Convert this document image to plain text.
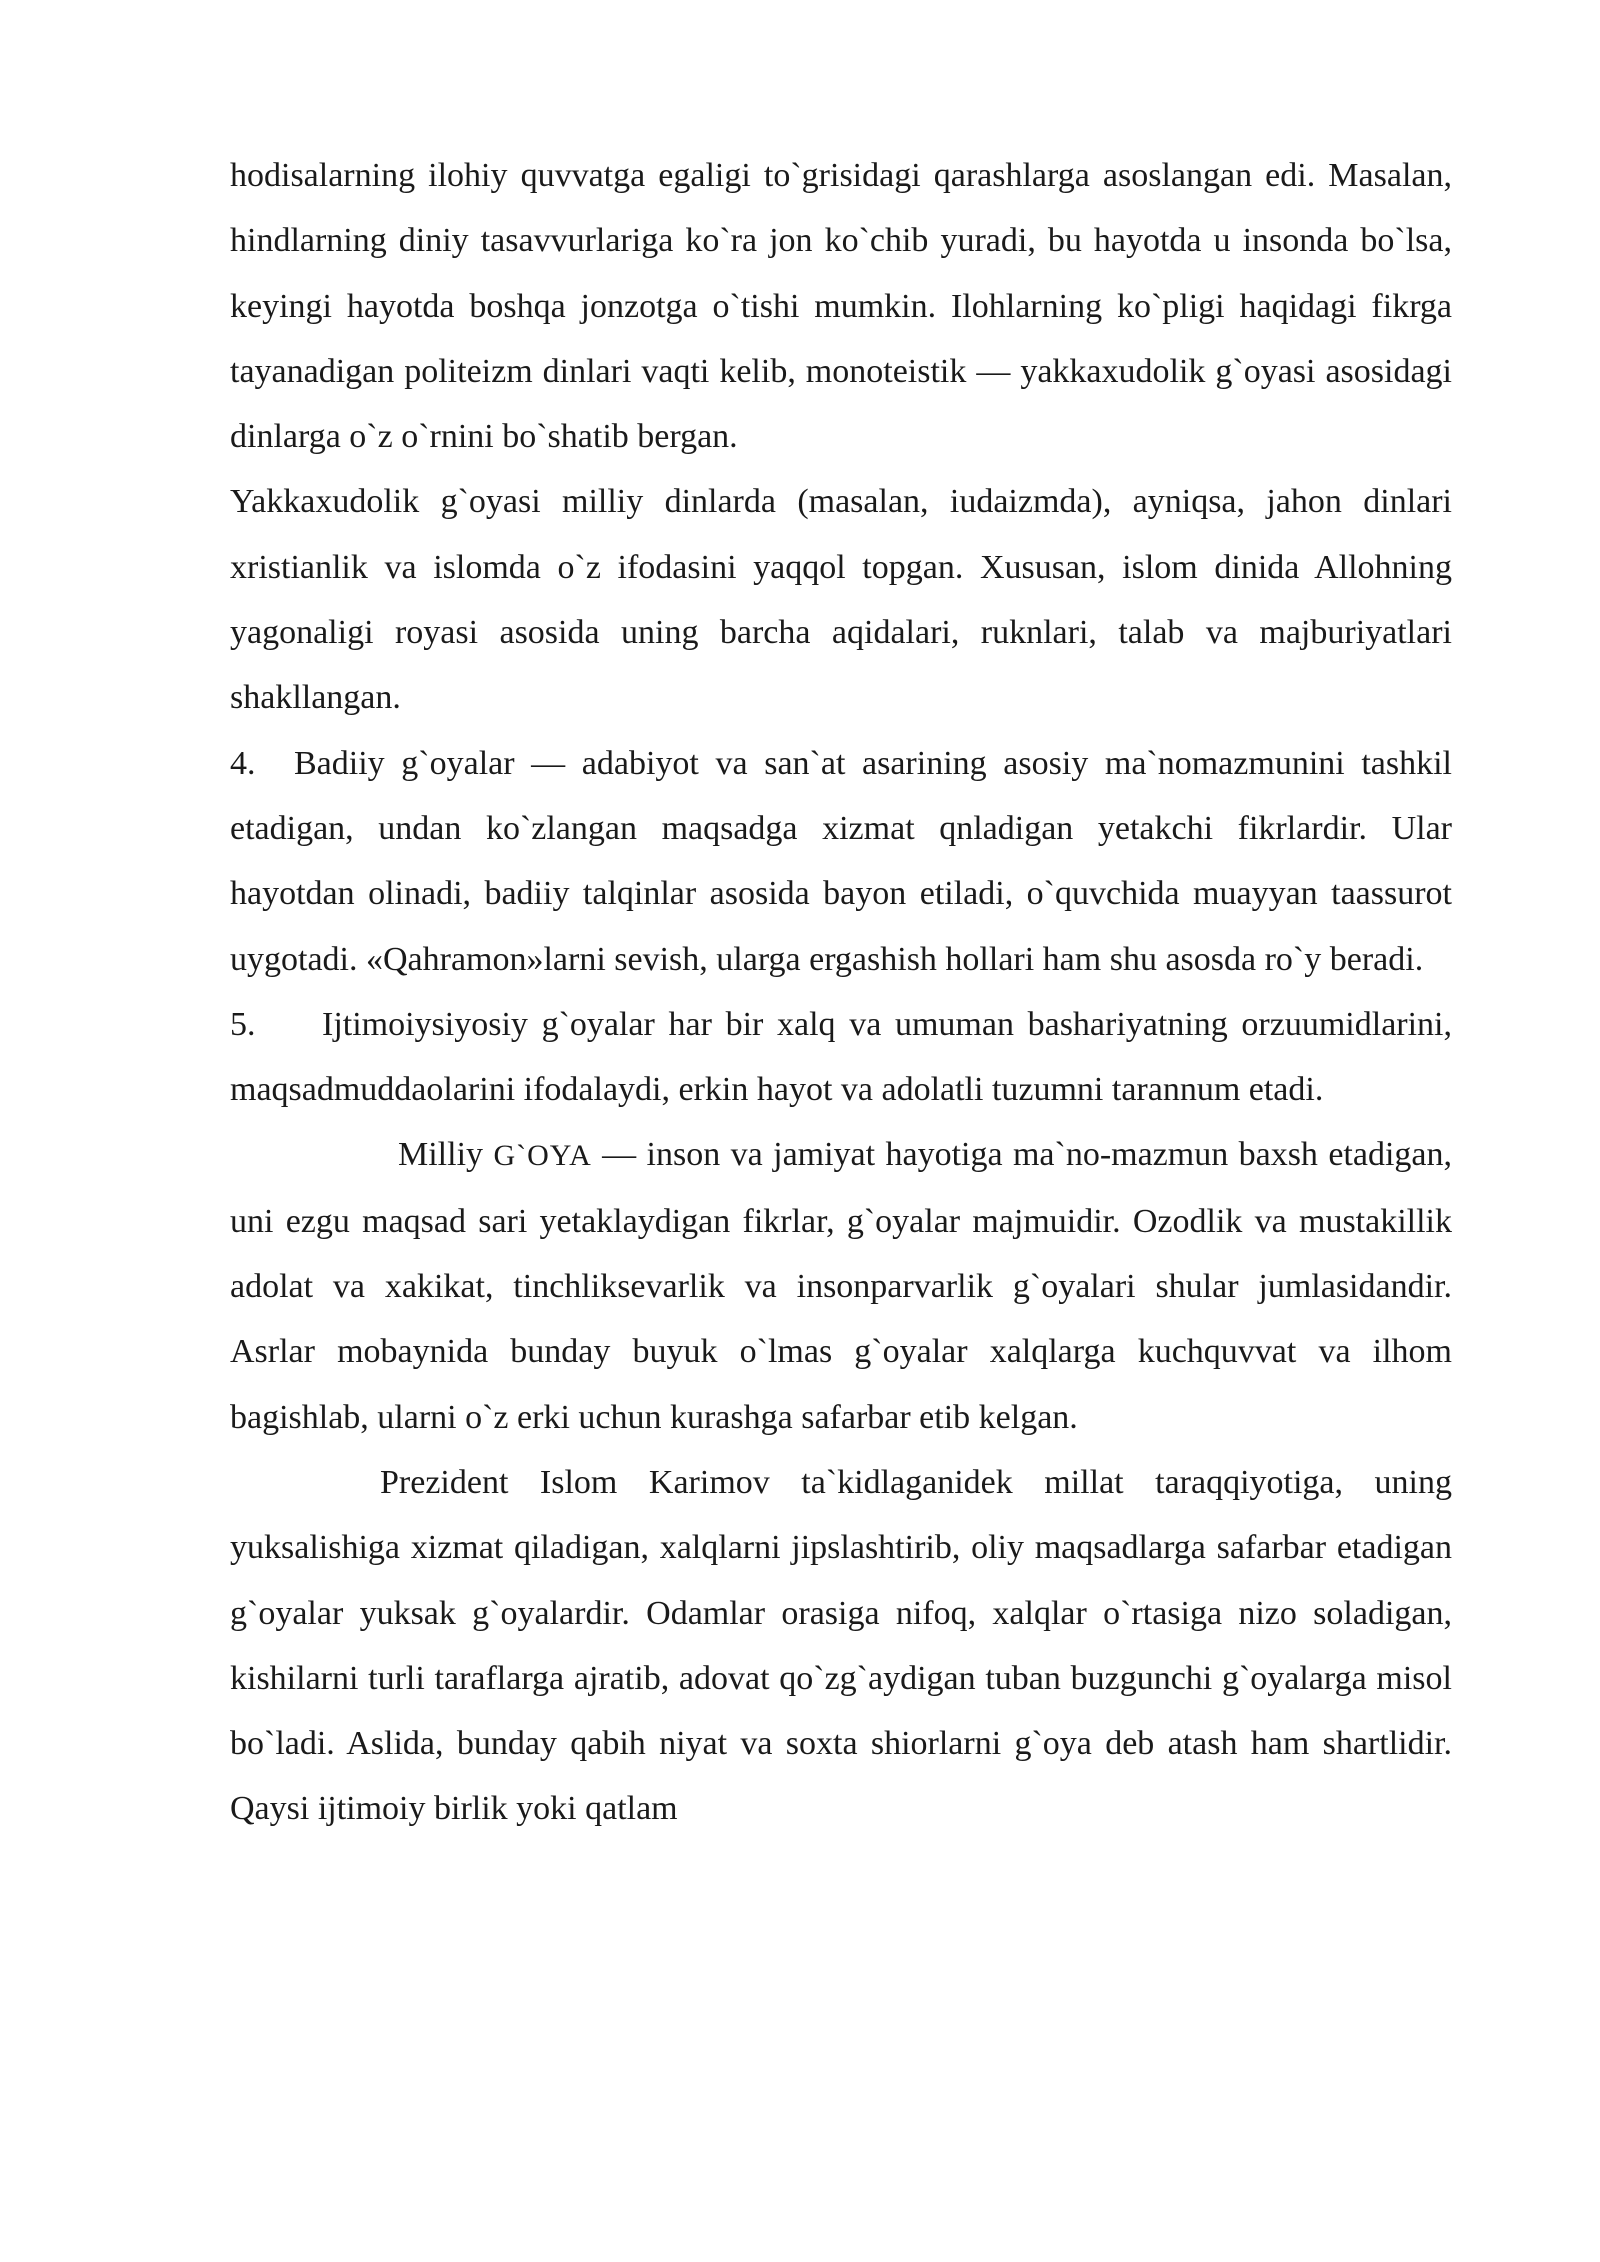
hodisalarning ilohiy quvvatga egaligi to`grisidagi qarashlarga asoslangan edi. Masalan, hindlarning diniy tasavvurlariga ko`ra jon ko`chib yuradi, bu hayotda u insonda bo`lsa, keyingi hayotda boshqa jonzotga o`tishi mumkin. Ilohlarning ko`pligi haqidagi fikrga tayanadigan politeizm dinlari vaqti kelib, monoteistik — yakkaxudolik g`oyasi asosidagi dinlarga o`z o`rnini bo`shatib bergan.

Yakkaxudolik g`oyasi milliy dinlarda (masalan, iudaizmda), ayniqsa, jahon dinlari xristianlik va islomda o`z ifodasini yaqqol topgan. Xususan, islom dinida Allohning yagonaligi royasi asosida uning barcha aqidalari, ruknlari, talab va majburiyatlari shakllangan.

4. Badiiy g`oyalar — adabiyot va san`at asarining asosiy ma`nomazmunini tashkil etadigan, undan ko`zlangan maqsadga xizmat qnladigan yetakchi fikrlardir. Ular hayotdan olinadi, badiiy talqinlar asosida bayon etiladi, o`quvchida muayyan taassurot uygotadi. «Qahramon»larni sevish, ularga ergashish hollari ham shu asosda ro`y beradi.

5. Ijtimoiysiyosiy g`oyalar har bir xalq va umuman bashariyatning orzuumidlarini, maqsadmuddaolarini ifodalaydi, erkin hayot va adolatli tuzumni tarannum etadi.

Milliy G`OYA — inson va jamiyat hayotiga ma`no-mazmun baxsh etadigan, uni ezgu maqsad sari yetaklaydigan fikrlar, g`oyalar majmuidir. Ozodlik va mustakillik adolat va xakikat, tinchliksevarlik va insonparvarlik g`oyalari shular jumlasidandir. Asrlar mobaynida bunday buyuk o`lmas g`oyalar xalqlarga kuchquvvat va ilhom bagishlab, ularni o`z erki uchun kurashga safarbar etib kelgan.

Prezident Islom Karimov ta`kidlaganidek millat taraqqiyotiga, uning yuksalishiga xizmat qiladigan, xalqlarni jipslashtirib, oliy maqsadlarga safarbar etadigan g`oyalar yuksak g`oyalardir. Odamlar orasiga nifoq, xalqlar o`rtasiga nizo soladigan, kishilarni turli taraflarga ajratib, adovat qo`zg`aydigan tuban buzgunchi g`oyalarga misol bo`ladi. Aslida, bunday qabih niyat va soxta shiorlarni g`oya deb atash ham shartlidir. Qaysi ijtimoiy birlik yoki qatlam
